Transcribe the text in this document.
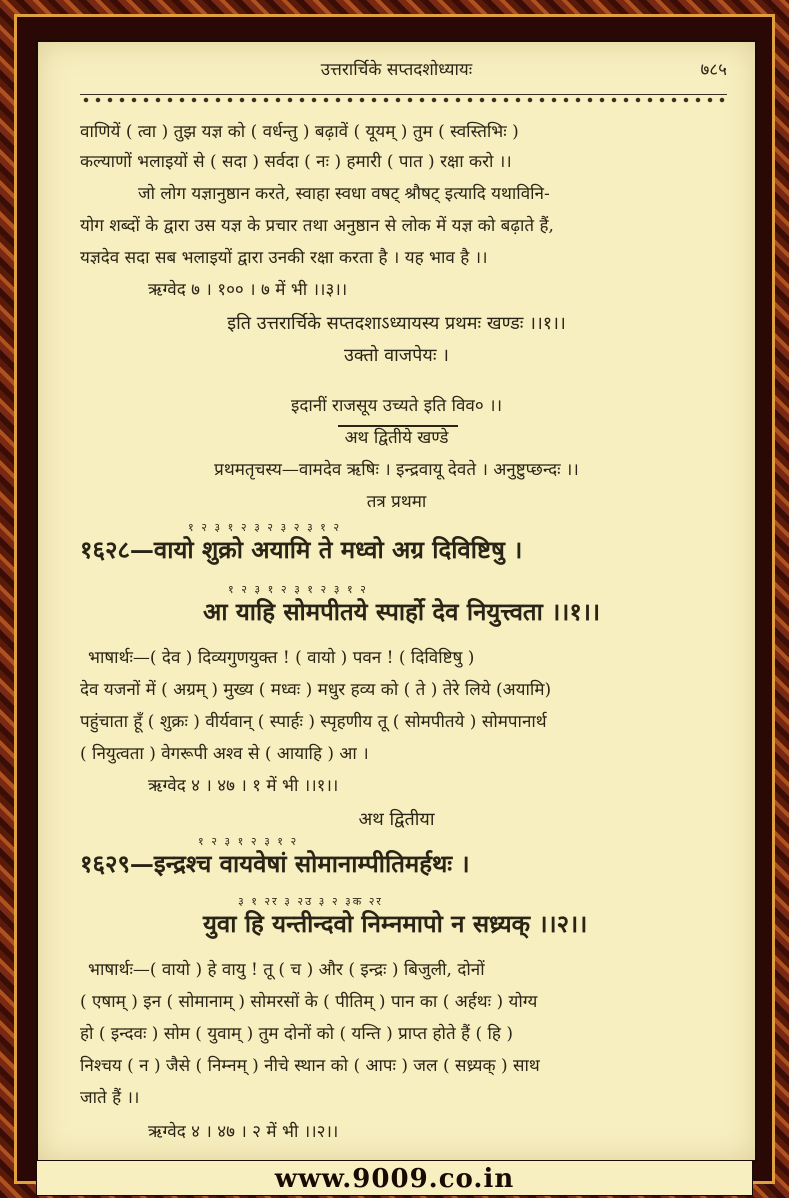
उत्तरार्चिके सप्तदशोध्यायः	७८५
वाणियें ( त्वा ) तुझ यज्ञ को ( वर्धन्तु ) बढ़ावें ( यूयम् ) तुम ( स्वस्तिभिः )
कल्याणों भलाइयों से ( सदा ) सर्वदा ( नः ) हमारी ( पात ) रक्षा करो ।।
जो लोग यज्ञानुष्ठान करते, स्वाहा स्वधा वषट् श्रौषट् इत्यादि यथाविनि-
योग शब्दों के द्वारा उस यज्ञ के प्रचार तथा अनुष्ठान से लोक में यज्ञ को बढ़ाते हैं,
यज्ञदेव सदा सब भलाइयों द्वारा उनकी रक्षा करता है । यह भाव है ।।
ऋग्वेद ७ । १०० । ७ में भी ।।३।।
इति उत्तरार्चिके सप्तदशाऽध्यायस्य प्रथमः खण्डः ।।१।।
उक्तो वाजपेयः ।
इदानीं राजसूय उच्यते इति विव० ।।
अथ द्वितीये खण्डे
प्रथमतृचस्य—वामदेव ऋषिः । इन्द्रवायू देवते । अनुष्टुप्छन्दः ।।
तत्र प्रथमा
१ २ ३ १ २ ३ २ ३ २ ३ १ २
१६२८—वायो शुक्रो अयामि ते मध्वो अग्र दिविष्टिषु ।
१ २ ३ १ २ ३ १ २ ३ १ २
आ याहि सोमपीतये स्पार्हो देव नियुत्त्वता ।।१।।
भाषार्थः—( देव ) दिव्यगुणयुक्त ! ( वायो ) पवन ! ( दिविष्टिषु )
देव यजनों में ( अग्रम् ) मुख्य ( मध्वः ) मधुर हव्य को ( ते ) तेरे लिये (अयामि)
पहुंचाता हूँ ( शुक्रः ) वीर्यवान् ( स्पार्हः ) स्पृहणीय तू ( सोमपीतये ) सोमपानार्थ
( नियुत्वता ) वेगरूपी अश्व से ( आयाहि ) आ ।
ऋग्वेद ४ । ४७ । १ में भी ।।१।।
अथ द्वितीया
१ २ ३ १ २ ३ १ २
१६२९—इन्द्रश्च वायवेषां सोमानाम्पीतिमर्हथः ।
३ १ २र ३ २उ ३ २ ३क २र
युवा हि यन्तीन्दवो निम्नमापो न सध्र्यक् ।।२।।
भाषार्थः—( वायो ) हे वायु ! तू ( च ) और ( इन्द्रः ) बिजुली, दोनों
( एषाम् ) इन ( सोमानाम् ) सोमरसों के ( पीतिम् ) पान का ( अर्हथः ) योग्य
हो ( इन्दवः ) सोम ( युवाम् ) तुम दोनों को ( यन्ति ) प्राप्त होते हैं ( हि )
निश्चय ( न ) जैसे ( निम्नम् ) नीचे स्थान को ( आपः ) जल ( सध्र्यक् ) साथ
जाते हैं ।।
ऋग्वेद ४ । ४७ । २ में भी ।।२।।
www.9009.co.in
